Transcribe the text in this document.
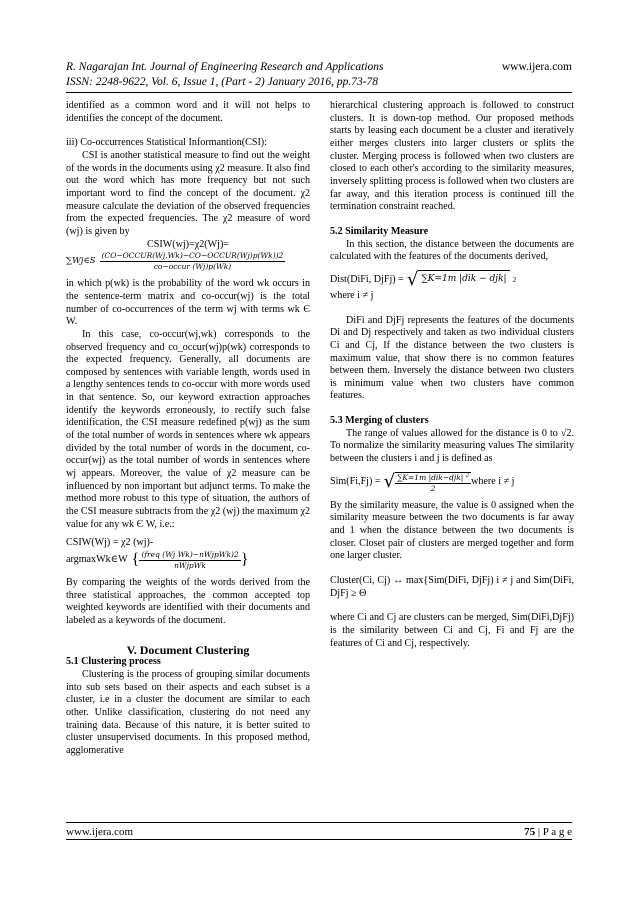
R. Nagarajan Int. Journal of Engineering Research and Applications	www.ijera.com
ISSN: 2248-9622, Vol. 6, Issue 1, (Part - 2) January 2016, pp.73-78

identified as a common word and it will not helps to identifies the concept of the document.

iii) Co-occurrences Statistical Informantion(CSI):

CSI is another statistical measure to find out the weight of the words in the documents using χ2 measure. It also find out the word which has more frequency but not such important word to find the concept of the document. χ2 measure calculate the deviation of the observed frequencies from the expected frequencies. The χ2 measure of word (wj) is given by

CSIW(wj)=χ2(Wj)=

∑Wj∈S $\frac{\text{(CO−OCCUR(Wj,Wk)−CO−OCCUR(Wj)p(Wk))2}}{\text{co−occur (Wj)p(Wk)}}$

in which p(wk) is the probability of the word wk occurs in the sentence-term matrix and co-occur(wj) is the total number of co-occurrences of the term wj with terms wk Є W.

In this case, co-occur(wj,wk) corresponds to the observed frequency and co_occur(wj)p(wk) corresponds to the expected frequency. Generally, all documents are composed by sentences with variable length, words used in a lengthy sentences tends to co-occur with more words used in that sentence. So, our keyword extraction approaches identify the keywords erroneously, to rectify such false identification, the CSI measure redefined p(wj) as the sum of the total number of words in sentences where wk appears divided by the total number of words in the document, co-occur(wj) as the total number of words in sentences where wj appears. Moreover, the value of χ2 measure can be influenced by non important but adjunct terms. To make the method more robust to this type of situation, the authors of the CSI measure subtracts from the χ2 (wj) the maximum χ2 value for any wk Є W, i.e.:

CSIW(Wj) = χ2 (wj)-

argmaxWk∈W { $\frac{\text{(freq (Wj Wk)−nWjpWk)2}}{\text{nWjpWk}}$ }

By comparing the weights of the words derived from the three statistical approaches, the common accepted top weighted keywords are identified with their documents and labeled as a keywords of the document.

V. Document Clustering

5.1 Clustering process

Clustering is the process of grouping similar documents into sub sets based on their aspects and each subset is a cluster, i.e in a cluster the document are similar to each other. Unlike classification, clustering do not need any training data. Because of this nature, it is better suited to cluster unsupervised documents. In this proposed method, agglomerative

hierarchical clustering approach is followed to construct clusters. It is down-top method. Our proposed methods starts by leasing each document be a cluster and iteratively either merges clusters into larger clusters or splits the cluster. Merging process is followed when two clusters are closed to each other's according to the similarity measures, inversely splitting process is followed when two clusters are far away, and this iteration process is continued till the termination constraint reached.

5.2 Similarity Measure

In this section, the distance between the documents are calculated with the features of the documents derived,

Dist(DiFi, DjFj) = √ ∑K=1m |dik − djk| 2

where i ≠ j

DiFi and DjFj represents the features of the documents Di and Dj respectively and taken as two individual clusters Ci and Cj, If the distance between the two clusters is maximum value, that show there is no common features between them. Inversely the distance between two clusters is minimum value when two clusters have common features.

5.3 Merging of clusters

The range of values allowed for the distance is 0 to √2. To normalize the similarity measuring values The similarity between the clusters i and j is defined as

Sim(Fi,Fj) = √ $\frac{\sum K=1m |dik-djk| ^2}{2}$ where i ≠ j

By the similarity measure, the value is 0 assigned when the similarity measure between the two documents is far away and 1 when the distance between the two documents is closer. Closet pair of clusters are merged together and form one larger cluster.

Cluster(Ci, Cj) ↔ max{Sim(DiFi, DjFj) i ≠ j and Sim(DiFi, DjFj ≥ Θ

where Ci and Cj are clusters can be merged, Sim(DiFi,DjFj) is the similarity between Ci and Cj, Fi and Fj are the features of Ci and Cj, respectively.

www.ijera.com	75 | P a g e
